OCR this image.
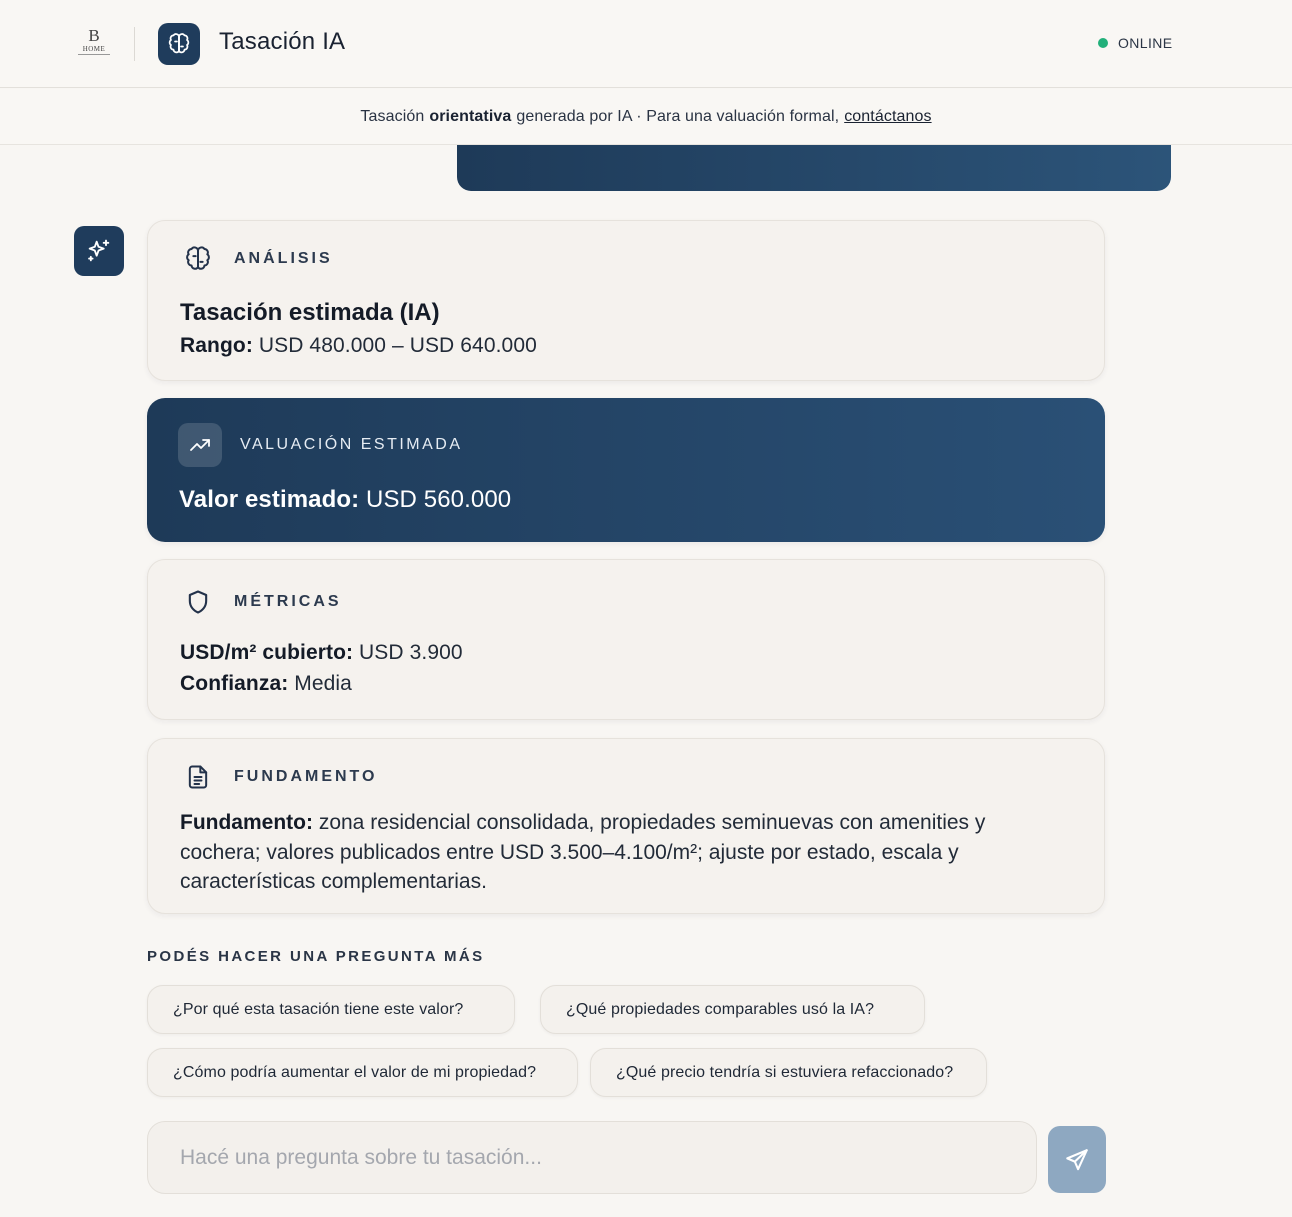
B
HOME	Tasación IA	ONLINE
Tasación orientativa generada por IA · Para una valuación formal, contáctanos
ANÁLISIS
Tasación estimada (IA)
Rango: USD 480.000 – USD 640.000
VALUACIÓN ESTIMADA
Valor estimado: USD 560.000
MÉTRICAS
USD/m² cubierto: USD 3.900
Confianza: Media
FUNDAMENTO
Fundamento: zona residencial consolidada, propiedades seminuevas con amenities y cochera; valores publicados entre USD 3.500–4.100/m²; ajuste por estado, escala y características complementarias.
PODÉS HACER UNA PREGUNTA MÁS
¿Por qué esta tasación tiene este valor?	¿Qué propiedades comparables usó la IA?
¿Cómo podría aumentar el valor de mi propiedad?	¿Qué precio tendría si estuviera refaccionado?
Hacé una pregunta sobre tu tasación...
